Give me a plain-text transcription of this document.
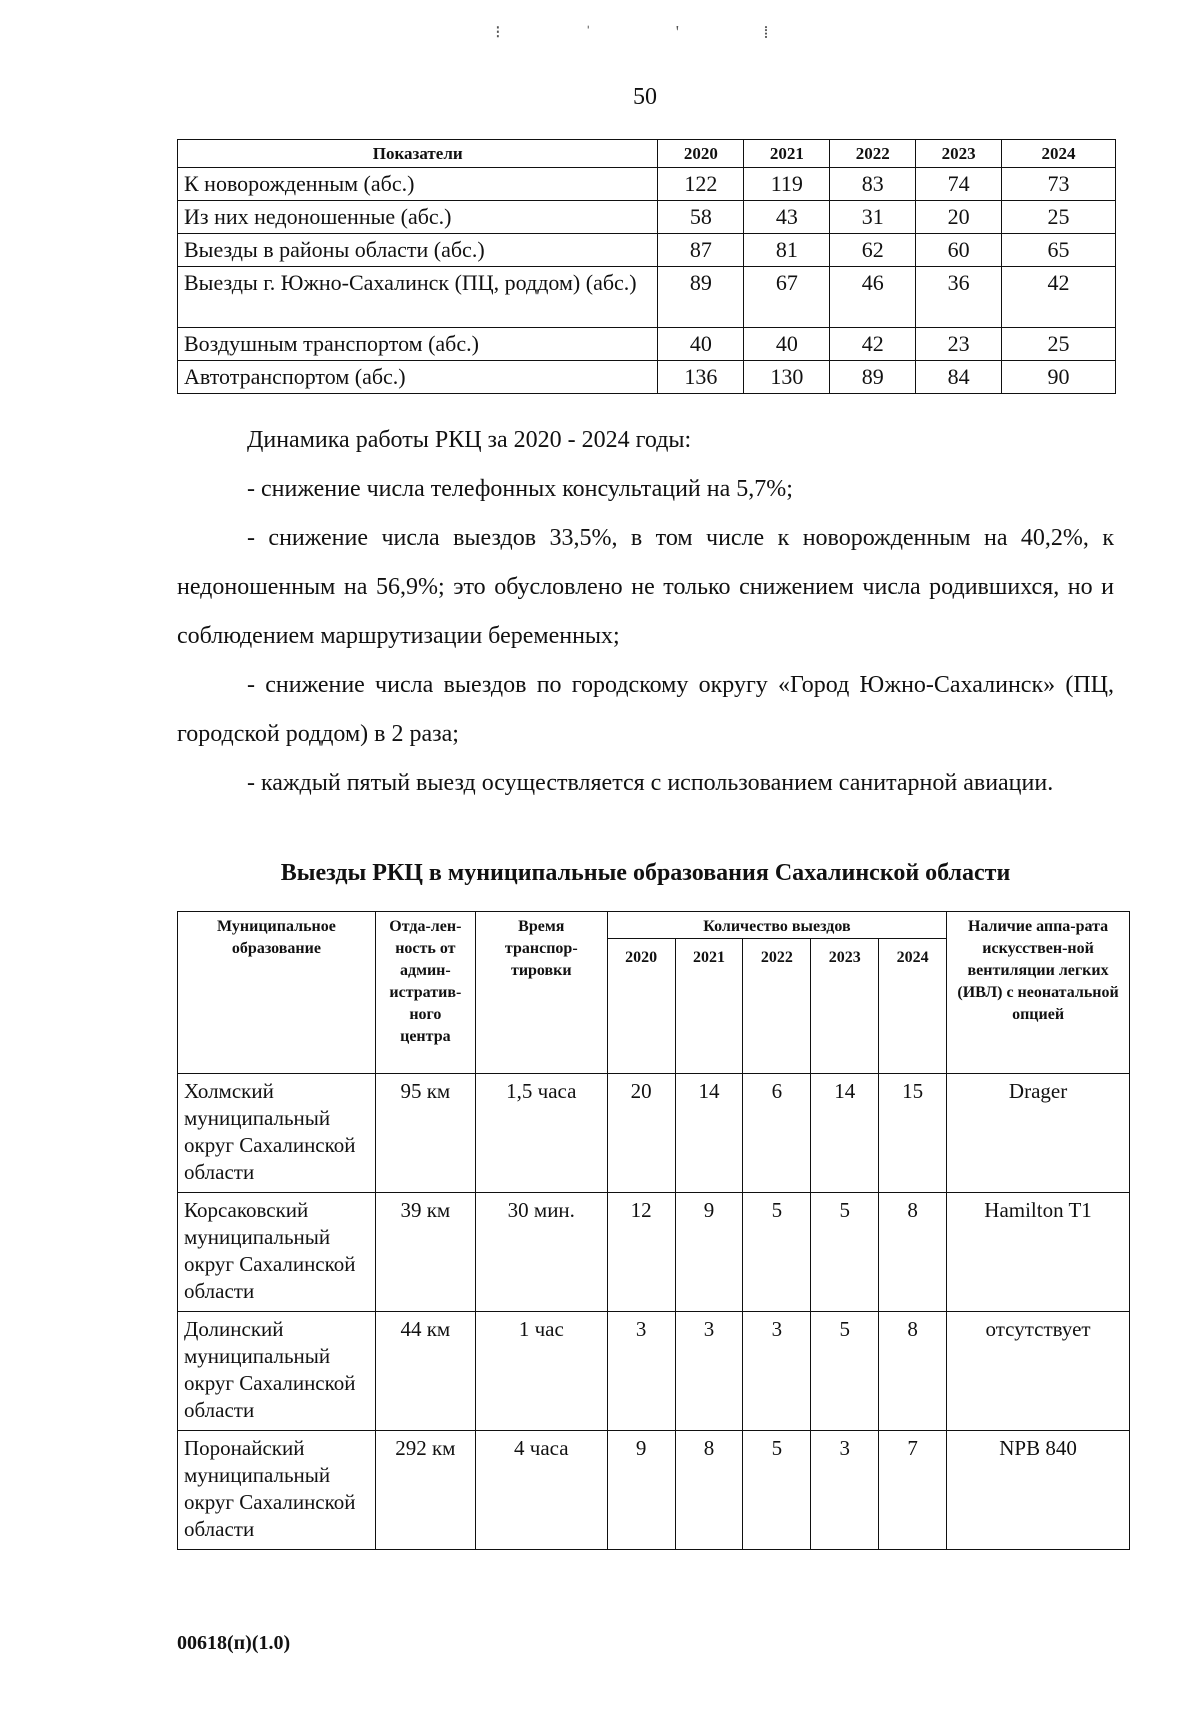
⁝ ˈ ' ⁞
50
Показатели	2020	2021	2022	2023	2024
К новорожденным (абс.)	122	119	83	74	73
Из них недоношенные (абс.)	58	43	31	20	25
Выезды в районы области (абс.)	87	81	62	60	65
Выезды г. Южно-Сахалинск (ПЦ, роддом) (абс.)	89	67	46	36	42
Воздушным транспортом (абс.)	40	40	42	23	25
Автотранспортом (абс.)	136	130	89	84	90
Динамика работы РКЦ за 2020 - 2024 годы:
- снижение числа телефонных консультаций на 5,7%;
- снижение числа выездов 33,5%, в том числе к новорожденным на 40,2%, к недоношенным на 56,9%; это обусловлено не только снижением числа родившихся, но и соблюдением маршрутизации беременных;
- снижение числа выездов по городскому округу «Город Южно-Сахалинск» (ПЦ, городской роддом) в 2 раза;
- каждый пятый выезд осуществляется с использованием санитарной авиации.
Выезды РКЦ в муниципальные образования Сахалинской области
Муниципальное образование	Отда-лен-ность от админ-истратив-ного центра	Время транспор-тировки	Количество выездов					Наличие аппа-рата искусствен-ной вентиляции легких (ИВЛ) с неонатальной опцией
			2020	2021	2022	2023	2024	
Холмский муниципальный округ Сахалинской области	95 км	1,5 часа	20	14	6	14	15	Drager
Корсаковский муниципальный округ Сахалинской области	39 км	30 мин.	12	9	5	5	8	Hamilton T1
Долинский муниципальный округ Сахалинской области	44 км	1 час	3	3	3	5	8	отсутствует
Поронайский муниципальный округ Сахалинской области	292 км	4 часа	9	8	5	3	7	NPB 840
00618(п)(1.0)
